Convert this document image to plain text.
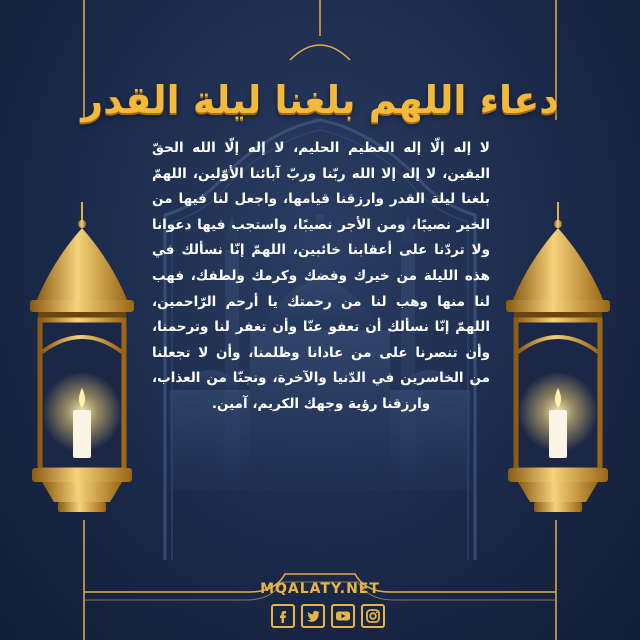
دعاء اللهم بلغنا ليلة القدر

لا إله إلّا إله العظيم الحليم، لا إله إلّا الله الحقّ اليقين، لا إله إلا الله ربّنا وربّ آبائنا الأوّلين، اللهمّ بلغنا ليلة القدر وارزقنا قيامها، واجعل لنا فيها من الخير نصيبًا، ومن الأجر نصيبًا، واستجب فيها دعوانا ولا تردّنا على أعقابنا خائبين، اللهمّ إنّا نسألك في هذه الليلة من خيرك وفضك وكرمك ولطفك، فهب لنا منها وهب لنا من رحمتك يا أرحم الرّاحمين، اللهمّ إنّا نسألك أن تعفو عنّا وأن تغفر لنا وترحمنا، وأن تنصرنا على من عادانا وظلمنا، وأن لا تجعلنا من الخاسرين في الدّنيا والآخرة، ونجنّا من العذاب، وارزقنا رؤية وجهك الكريم، آمين.

MQALATY.NET
